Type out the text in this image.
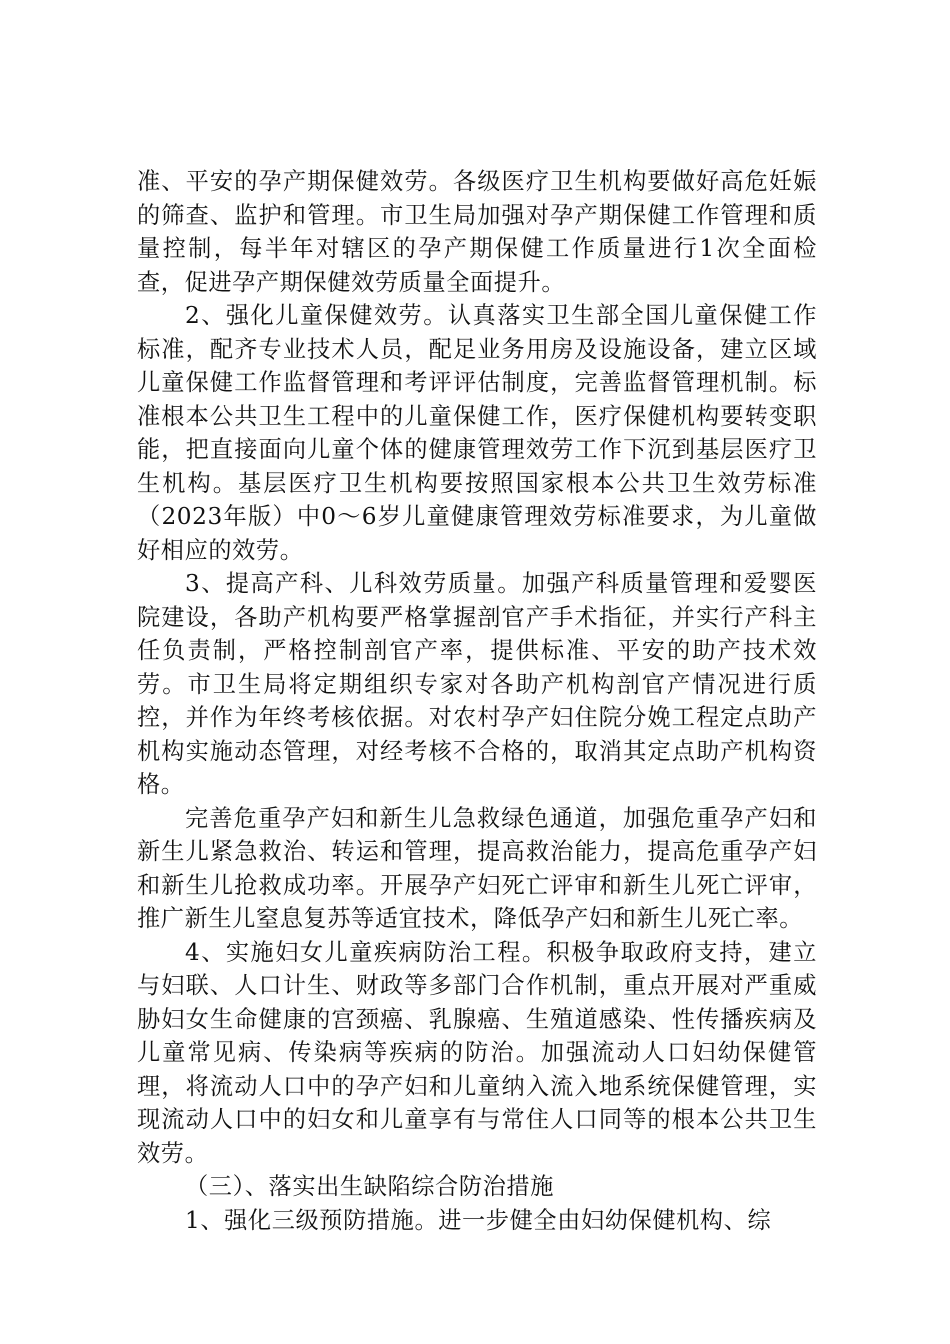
准、平安的孕产期保健效劳。各级医疗卫生机构要做好高危妊娠的筛查、监护和管理。市卫生局加强对孕产期保健工作管理和质量控制，每半年对辖区的孕产期保健工作质量进行1次全面检查，促进孕产期保健效劳质量全面提升。

2、强化儿童保健效劳。认真落实卫生部全国儿童保健工作标准，配齐专业技术人员，配足业务用房及设施设备，建立区域儿童保健工作监督管理和考评评估制度，完善监督管理机制。标准根本公共卫生工程中的儿童保健工作，医疗保健机构要转变职能，把直接面向儿童个体的健康管理效劳工作下沉到基层医疗卫生机构。基层医疗卫生机构要按照国家根本公共卫生效劳标准（2023年版）中0～6岁儿童健康管理效劳标准要求，为儿童做好相应的效劳。

3、提高产科、儿科效劳质量。加强产科质量管理和爱婴医院建设，各助产机构要严格掌握剖官产手术指征，并实行产科主任负责制，严格控制剖官产率，提供标准、平安的助产技术效劳。市卫生局将定期组织专家对各助产机构剖官产情况进行质控，并作为年终考核依据。对农村孕产妇住院分娩工程定点助产机构实施动态管理，对经考核不合格的，取消其定点助产机构资格。

完善危重孕产妇和新生儿急救绿色通道，加强危重孕产妇和新生儿紧急救治、转运和管理，提高救治能力，提高危重孕产妇和新生儿抢救成功率。开展孕产妇死亡评审和新生儿死亡评审，推广新生儿窒息复苏等适宜技术，降低孕产妇和新生儿死亡率。

4、实施妇女儿童疾病防治工程。积极争取政府支持，建立与妇联、人口计生、财政等多部门合作机制，重点开展对严重威胁妇女生命健康的宫颈癌、乳腺癌、生殖道感染、性传播疾病及儿童常见病、传染病等疾病的防治。加强流动人口妇幼保健管理，将流动人口中的孕产妇和儿童纳入流入地系统保健管理，实现流动人口中的妇女和儿童享有与常住人口同等的根本公共卫生效劳。

（三）、落实出生缺陷综合防治措施

1、强化三级预防措施。进一步健全由妇幼保健机构、综
